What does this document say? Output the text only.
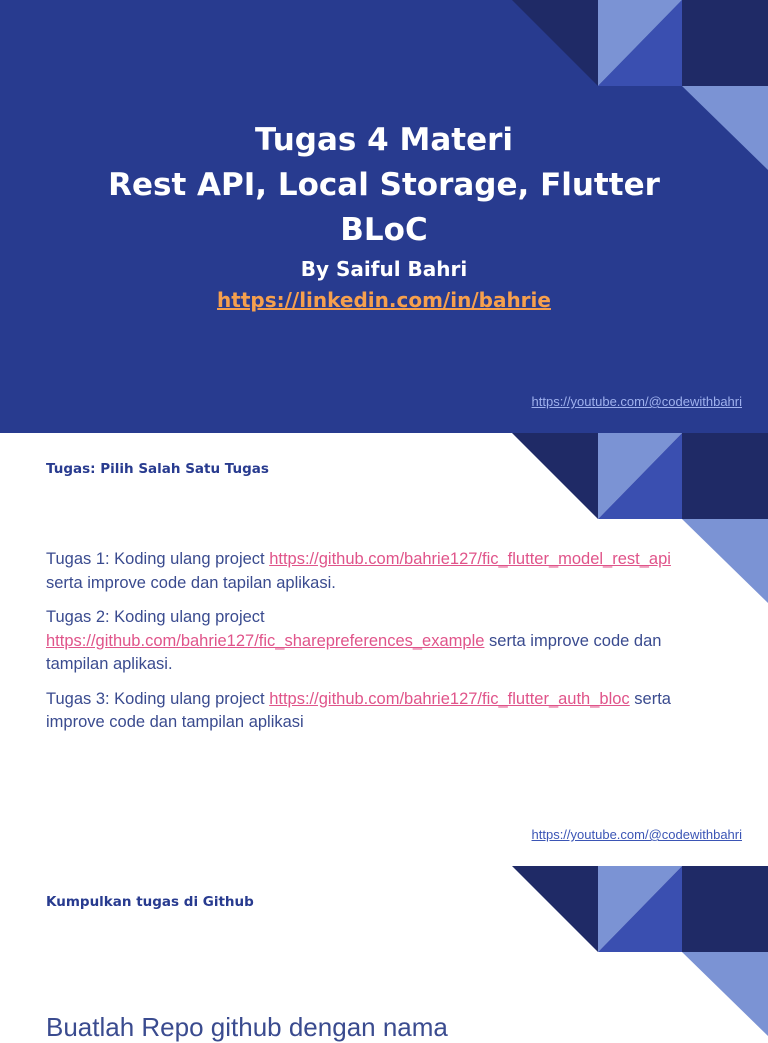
Tugas 4 Materi
Rest API, Local Storage, Flutter
BLoC
By Saiful Bahri
https://linkedin.com/in/bahrie
https://youtube.com/@codewithbahri
Tugas: Pilih Salah Satu Tugas

Tugas 1: Koding ulang project https://github.com/bahrie127/fic_flutter_model_rest_api serta improve code dan tapilan aplikasi.

Tugas 2: Koding ulang project https://github.com/bahrie127/fic_sharepreferences_example serta improve code dan tampilan aplikasi.

Tugas 3: Koding ulang project https://github.com/bahrie127/fic_flutter_auth_bloc serta improve code dan tampilan aplikasi

https://youtube.com/@codewithbahri
Kumpulkan tugas di Github
Buatlah Repo github dengan nama
